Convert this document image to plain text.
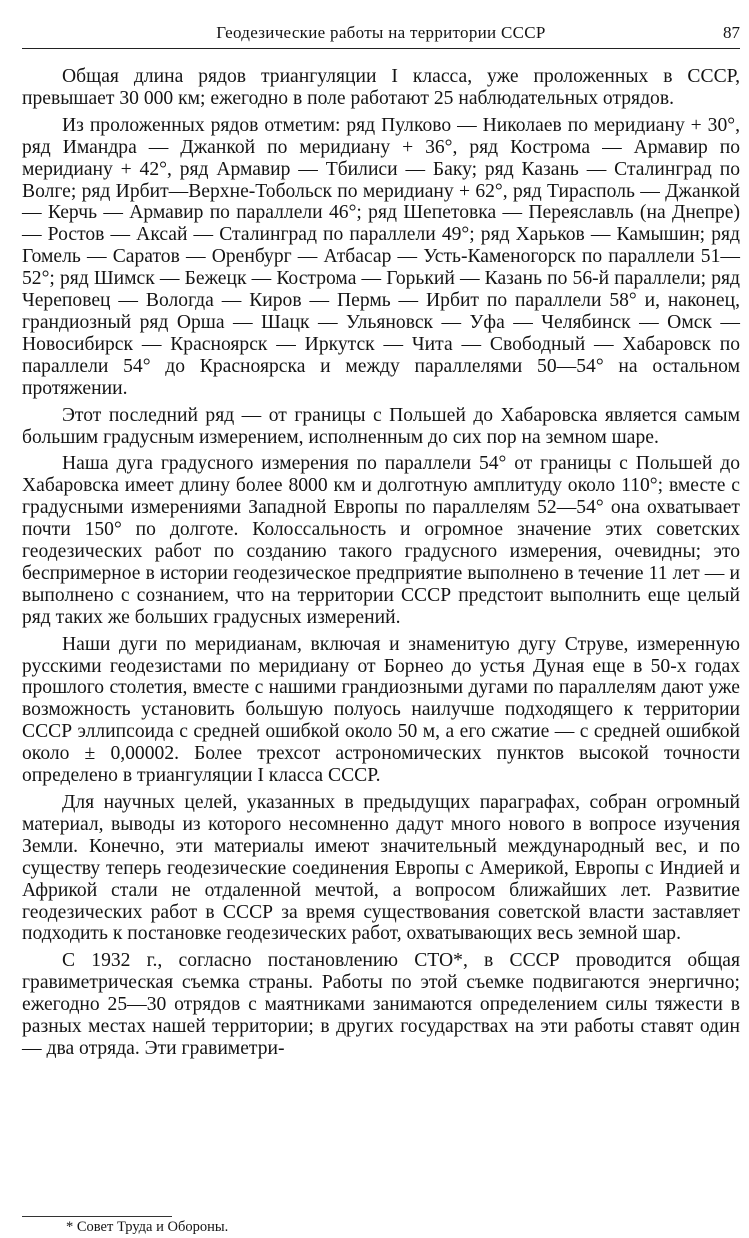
Геодезические работы на территории СССР	87

Общая длина рядов триангуляции I класса, уже проложенных в СССР, превышает 30 000 км; ежегодно в поле работают 25 наблюдательных отрядов.

Из проложенных рядов отметим: ряд Пулково — Николаев по меридиану + 30°, ряд Имандра — Джанкой по меридиану + 36°, ряд Кострома — Армавир по меридиану + 42°, ряд Армавир — Тбилиси — Баку; ряд Казань — Сталинград по Волге; ряд Ирбит—Верхне-Тобольск по меридиану + 62°, ряд Тирасполь — Джанкой — Керчь — Армавир по параллели 46°; ряд Шепетовка — Переяславль (на Днепре) — Ростов — Аксай — Сталинград по параллели 49°; ряд Харьков — Камышин; ряд Гомель — Саратов — Оренбург — Атбасар — Усть-Каменогорск по параллели 51—52°; ряд Шимск — Бежецк — Кострома — Горький — Казань по 56-й параллели; ряд Череповец — Вологда — Киров — Пермь — Ирбит по параллели 58° и, наконец, грандиозный ряд Орша — Шацк — Ульяновск — Уфа — Челябинск — Омск — Новосибирск — Красноярск — Иркутск — Чита — Свободный — Хабаровск по параллели 54° до Красноярска и между параллелями 50—54° на остальном протяжении.

Этот последний ряд — от границы с Польшей до Хабаровска является самым большим градусным измерением, исполненным до сих пор на земном шаре.

Наша дуга градусного измерения по параллели 54° от границы с Польшей до Хабаровска имеет длину более 8000 км и долготную амплитуду около 110°; вместе с градусными измерениями Западной Европы по параллелям 52—54° она охватывает почти 150° по долготе. Колоссальность и огромное значение этих советских геодезических работ по созданию такого градусного измерения, очевидны; это беспримерное в истории геодезическое предприятие выполнено в течение 11 лет — и выполнено с сознанием, что на территории СССР предстоит выполнить еще целый ряд таких же больших градусных измерений.

Наши дуги по меридианам, включая и знаменитую дугу Струве, измеренную русскими геодезистами по меридиану от Борнео до устья Дуная еще в 50-х годах прошлого столетия, вместе с нашими грандиозными дугами по параллелям дают уже возможность установить большую полуось наилучше подходящего к территории СССР эллипсоида с средней ошибкой около 50 м, а его сжатие — с средней ошибкой около ± 0,00002. Более трехсот астрономических пунктов высокой точности определено в триангуляции I класса СССР.

Для научных целей, указанных в предыдущих параграфах, собран огромный материал, выводы из которого несомненно дадут много нового в вопросе изучения Земли. Конечно, эти материалы имеют значительный международный вес, и по существу теперь геодезические соединения Европы с Америкой, Европы с Индией и Африкой стали не отдаленной мечтой, а вопросом ближайших лет. Развитие геодезических работ в СССР за время существования советской власти заставляет подходить к постановке геодезических работ, охватывающих весь земной шар.

С 1932 г., согласно постановлению СТО*, в СССР проводится общая гравиметрическая съемка страны. Работы по этой съемке подвигаются энергично; ежегодно 25—30 отрядов с маятниками занимаются определением силы тяжести в разных местах нашей территории; в других государствах на эти работы ставят один — два отряда. Эти гравиметри-

* Совет Труда и Обороны.
